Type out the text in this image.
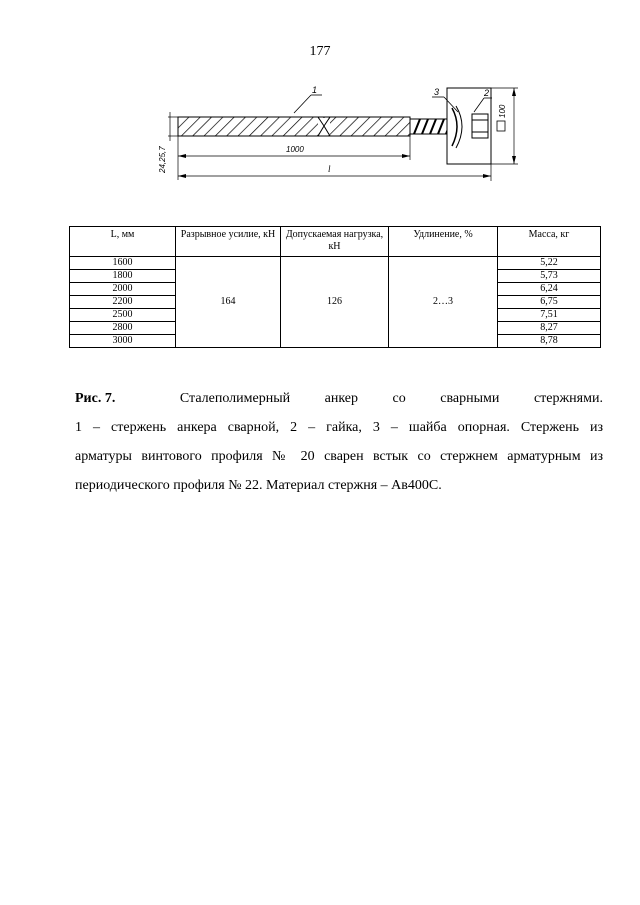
177
1	3	2
24,25,7	1000
l
100
L, мм	Разрывное усилие, кН	Допускаемая нагрузка, кН	Удлинение, %	Масса, кг
1600	164	126	2…3	5,22
1800				5,73
2000				6,24
2200				6,75
2500				7,51
2800				8,27
3000				8,78
Рис. 7.	Сталеполимерный анкер со сварными стержнями.

1 – стержень анкера сварной, 2 – гайка, 3 – шайба опорная. Стержень из

арматуры винтового профиля № 20 сварен встык со стержнем арматурным из

периодического профиля № 22. Материал стержня – Ав400С.
